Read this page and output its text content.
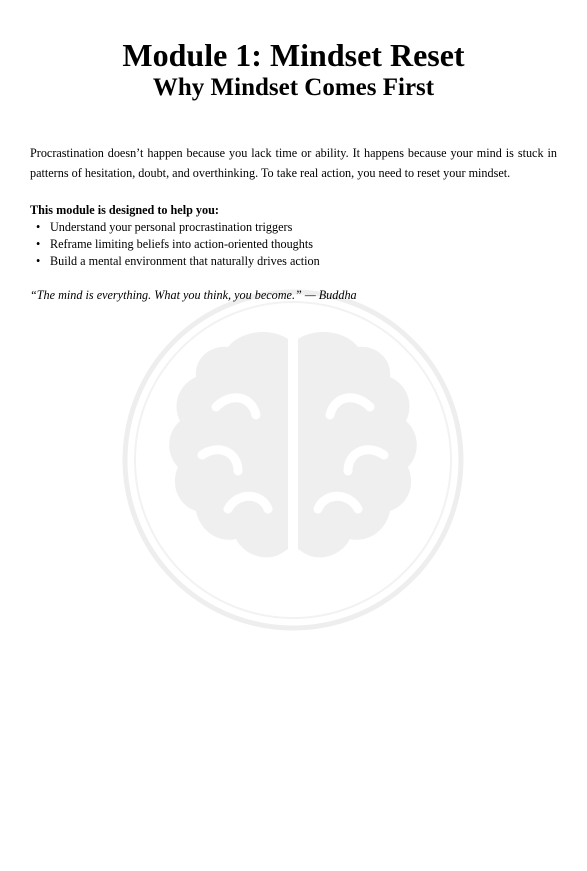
Module 1: Mindset Reset
Why Mindset Comes First

Procrastination doesn’t happen because you lack time or ability. It happens because your mind is stuck in patterns of hesitation, doubt, and overthinking. To take real action, you need to reset your mindset.

This module is designed to help you:

• Understand your personal procrastination triggers
• Reframe limiting beliefs into action-oriented thoughts
• Build a mental environment that naturally drives action

“The mind is everything. What you think, you become.” — Buddha
